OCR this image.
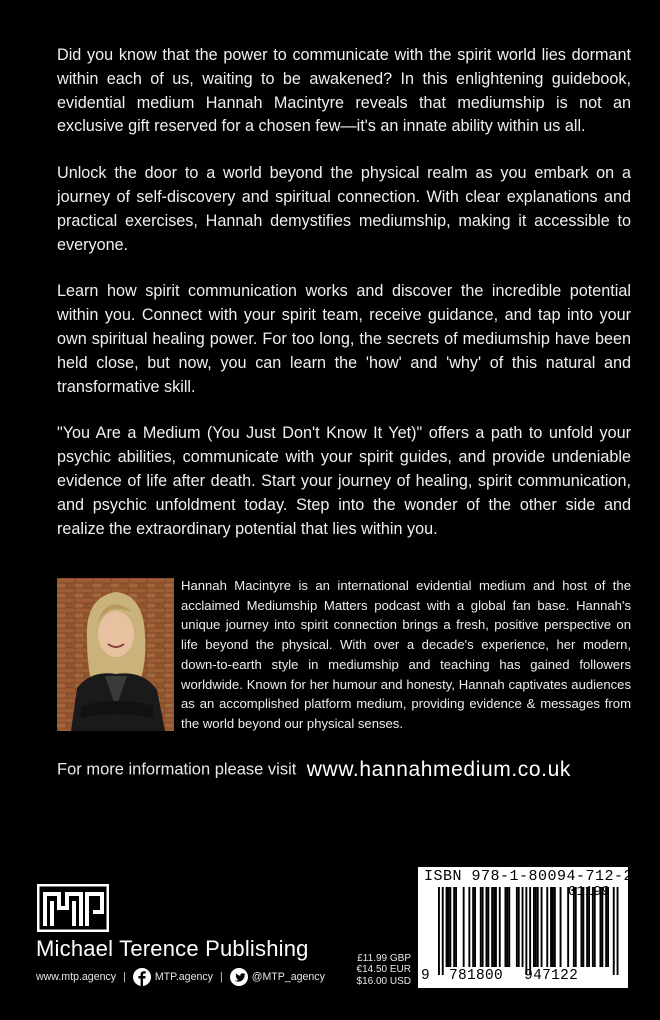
Did you know that the power to communicate with the spirit world lies dormant within each of us, waiting to be awakened? In this enlightening guidebook, evidential medium Hannah Macintyre reveals that mediumship is not an exclusive gift reserved for a chosen few—it's an innate ability within us all.

Unlock the door to a world beyond the physical realm as you embark on a journey of self-discovery and spiritual connection. With clear explanations and practical exercises, Hannah demystifies mediumship, making it accessible to everyone.

Learn how spirit communication works and discover the incredible potential within you. Connect with your spirit team, receive guidance, and tap into your own spiritual healing power. For too long, the secrets of mediumship have been held close, but now, you can learn the 'how' and 'why' of this natural and transformative skill.

"You Are a Medium (You Just Don't Know It Yet)" offers a path to unfold your psychic abilities, communicate with your spirit guides, and provide undeniable evidence of life after death. Start your journey of healing, spirit communication, and psychic unfoldment today. Step into the wonder of the other side and realize the extraordinary potential that lies within you.

Hannah Macintyre is an international evidential medium and host of the acclaimed Mediumship Matters podcast with a global fan base. Hannah's unique journey into spirit connection brings a fresh, positive perspective on life beyond the physical. With over a decade's experience, her modern, down-to-earth style in mediumship and teaching has gained followers worldwide. Known for her humour and honesty, Hannah captivates audiences as an accomplished platform medium, providing evidence & messages from the world beyond our physical senses.
For more information please visit www.hannahmedium.co.uk
Michael Terence Publishing
www.mtp.agency |	MTP.agency |	@MTP_agency
£11.99 GBP
€14.50 EUR
$16.00 USD
ISBN 978-1-80094-712-2
01199
9 781800 947122
